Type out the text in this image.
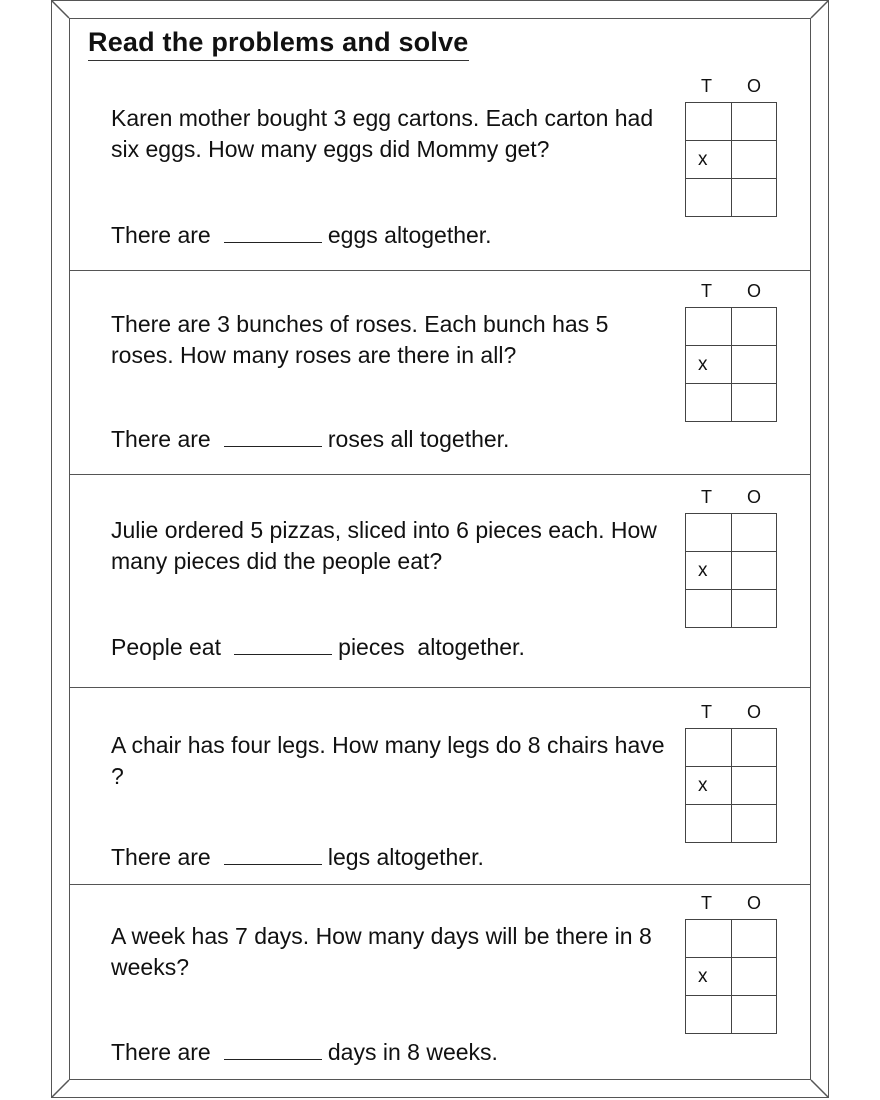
Read the problems and solve

Karen mother bought 3 egg cartons. Each carton had six eggs. How many eggs did Mommy get?

There are	eggs altogether.

T O

x	

There are 3 bunches of roses. Each bunch has 5 roses. How many roses are there in all?

There are	roses all together.

T O

x	

Julie ordered 5 pizzas, sliced into 6 pieces each. How many pieces did the people eat?

People eat	pieces  altogether.

T O

x	

A chair has four legs. How many legs do 8 chairs have ?

There are	legs altogether.

T O

x	

A week has 7 days. How many days will be there in 8 weeks?

There are	days in 8 weeks.

T O

x	
